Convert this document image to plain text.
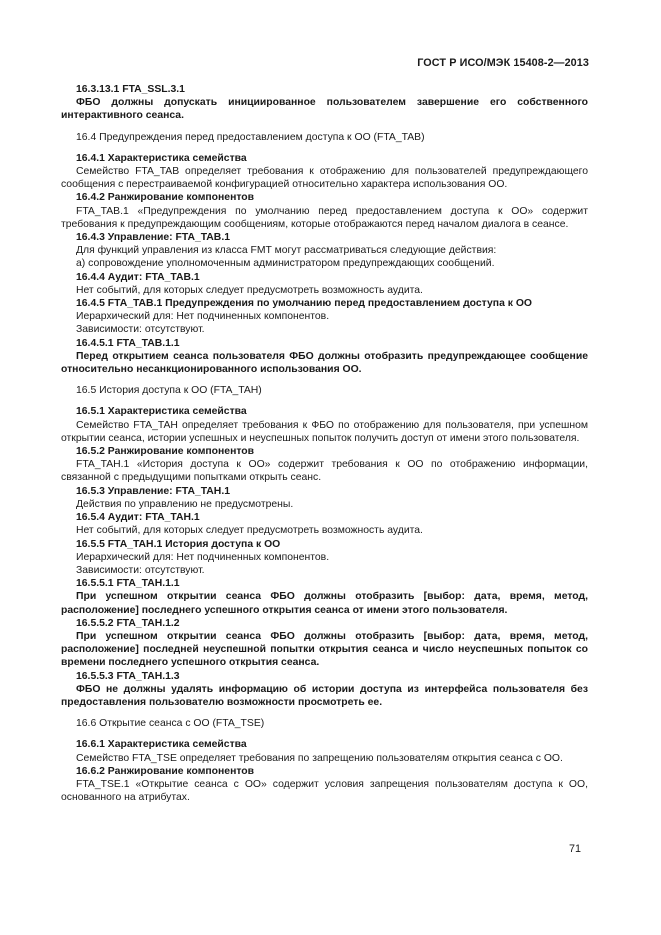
ГОСТ Р ИСО/МЭК 15408-2—2013

16.3.13.1 FTA_SSL.3.1

ФБО должны допускать инициированное пользователем завершение его собственного интерактивного сеанса.

16.4 Предупреждения перед предоставлением доступа к ОО (FTA_TAB)

16.4.1 Характеристика семейства

Семейство FTA_TAB определяет требования к отображению для пользователей предупреждающего сообщения с перестраиваемой конфигурацией относительно характера использования ОО.

16.4.2 Ранжирование компонентов

FTA_TAB.1 «Предупреждения по умолчанию перед предоставлением доступа к ОО» содержит требования к предупреждающим сообщениям, которые отображаются перед началом диалога в сеансе.

16.4.3 Управление: FTA_TAB.1

Для функций управления из класса FMT могут рассматриваться следующие действия:

а) сопровождение уполномоченным администратором предупреждающих сообщений.

16.4.4 Аудит: FTA_TAB.1

Нет событий, для которых следует предусмотреть возможность аудита.

16.4.5 FTA_TAB.1 Предупреждения по умолчанию перед предоставлением доступа к ОО

Иерархический для: Нет подчиненных компонентов.

Зависимости: отсутствуют.

16.4.5.1 FTA_TAB.1.1

Перед открытием сеанса пользователя ФБО должны отобразить предупреждающее сообщение относительно несанкционированного использования ОО.

16.5 История доступа к ОО (FTA_TAH)

16.5.1 Характеристика семейства

Семейство FTA_TAH определяет требования к ФБО по отображению для пользователя, при успешном открытии сеанса, истории успешных и неуспешных попыток получить доступ от имени этого пользователя.

16.5.2 Ранжирование компонентов

FTA_TAH.1 «История доступа к ОО» содержит требования к ОО по отображению информации, связанной с предыдущими попытками открыть сеанс.

16.5.3 Управление: FTA_TAH.1

Действия по управлению не предусмотрены.

16.5.4 Аудит: FTA_TAH.1

Нет событий, для которых следует предусмотреть возможность аудита.

16.5.5 FTA_TAH.1 История доступа к ОО

Иерархический для: Нет подчиненных компонентов.

Зависимости: отсутствуют.

16.5.5.1 FTA_TAH.1.1

При успешном открытии сеанса ФБО должны отобразить [выбор: дата, время, метод, расположение] последнего успешного открытия сеанса от имени этого пользователя.

16.5.5.2 FTA_TAH.1.2

При успешном открытии сеанса ФБО должны отобразить [выбор: дата, время, метод, расположение] последней неуспешной попытки открытия сеанса и число неуспешных попыток со времени последнего успешного открытия сеанса.

16.5.5.3 FTA_TAH.1.3

ФБО не должны удалять информацию об истории доступа из интерфейса пользователя без предоставления пользователю возможности просмотреть ее.

16.6 Открытие сеанса с ОО (FTA_TSE)

16.6.1 Характеристика семейства

Семейство FTA_TSE определяет требования по запрещению пользователям открытия сеанса с ОО.

16.6.2 Ранжирование компонентов

FTA_TSE.1 «Открытие сеанса с ОО» содержит условия запрещения пользователям доступа к ОО, основанного на атрибутах.

71
